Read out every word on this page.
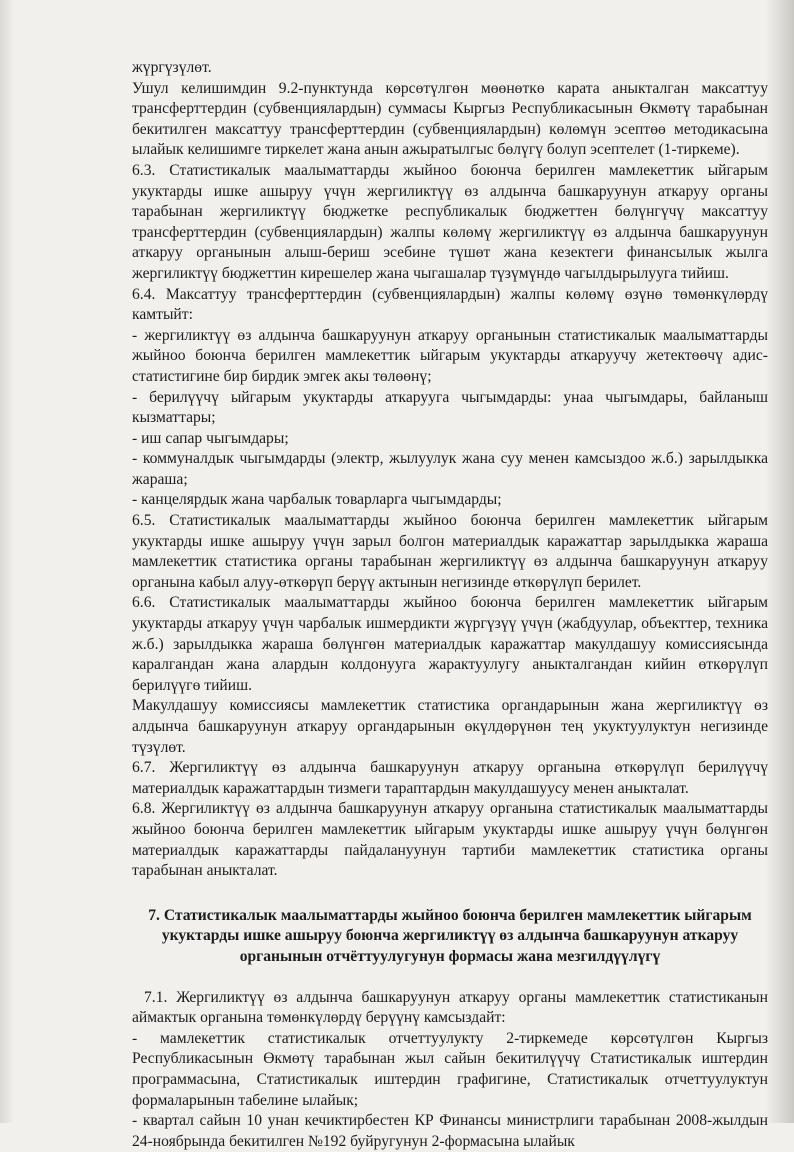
жүргүзүлөт.

Ушул келишимдин 9.2-пунктунда көрсөтүлгөн мөөнөткө карата аныкталган максаттуу трансферттердин (субвенциялардын) суммасы Кыргыз Республикасынын Өкмөтү тарабынан бекитилген максаттуу трансферттердин (субвенциялардын) көлөмүн эсептөө методикасына ылайык келишимге тиркелет жана анын ажыратылгыс бөлүгү болуп эсептелет (1-тиркеме).

6.3. Статистикалык маалыматтарды жыйноо боюнча берилген мамлекеттик ыйгарым укуктарды ишке ашыруу үчүн жергиликтүү өз алдынча башкаруунун аткаруу органы тарабынан жергиликтүү бюджетке республикалык бюджеттен бөлүнгүчү максаттуу трансферттердин (субвенциялардын) жалпы көлөмү жергиликтүү өз алдынча башкаруунун аткаруу органынын алыш-бериш эсебине түшөт жана кезектеги финансылык жылга жергиликтүү бюджеттин кирешелер жана чыгашалар түзүмүндө чагылдырылууга тийиш.

6.4. Максаттуу трансферттердин (субвенциялардын) жалпы көлөмү өзүнө төмөнкүлөрдү камтыйт:

- жергиликтүү өз алдынча башкаруунун аткаруу органынын статистикалык маалыматтарды жыйноо боюнча берилген мамлекеттик ыйгарым укуктарды аткаруучу жетектөөчү адис-статистигине бир бирдик эмгек акы төлөөнү;

- берилүүчү ыйгарым укуктарды аткарууга чыгымдарды: унаа чыгымдары, байланыш кызматтары;

- иш сапар чыгымдары;

- коммуналдык чыгымдарды (электр, жылуулук жана суу менен камсыздоо ж.б.) зарылдыкка жараша;

- канцелярдык жана чарбалык товарларга чыгымдарды;

6.5. Статистикалык маалыматтарды жыйноо боюнча берилген мамлекеттик ыйгарым укуктарды ишке ашыруу үчүн зарыл болгон материалдык каражаттар зарылдыкка жараша мамлекеттик статистика органы тарабынан жергиликтүү өз алдынча башкаруунун аткаруу органына кабыл алуу-өткөрүп берүү актынын негизинде өткөрүлүп берилет.

6.6. Статистикалык маалыматтарды жыйноо боюнча берилген мамлекеттик ыйгарым укуктарды аткаруу үчүн чарбалык ишмердикти жүргүзүү үчүн (жабдуулар, объекттер, техника ж.б.) зарылдыкка жараша бөлүнгөн материалдык каражаттар макулдашуу комиссиясында каралгандан жана алардын колдонууга жарактуулугу аныкталгандан кийин өткөрүлүп берилүүгө тийиш.

Макулдашуу комиссиясы мамлекеттик статистика органдарынын жана жергиликтүү өз алдынча башкаруунун аткаруу органдарынын өкүлдөрүнөн тең укуктуулуктун негизинде түзүлөт.

6.7. Жергиликтүү өз алдынча башкаруунун аткаруу органына өткөрүлүп берилүүчү материалдык каражаттардын тизмеги тараптардын макулдашуусу менен аныкталат.

6.8. Жергиликтүү өз алдынча башкаруунун аткаруу органына статистикалык маалыматтарды жыйноо боюнча берилген мамлекеттик ыйгарым укуктарды ишке ашыруу үчүн бөлүнгөн материалдык каражаттарды пайдалануунун тартиби мамлекеттик статистика органы тарабынан аныкталат.

7. Статистикалык маалыматтарды жыйноо боюнча берилген мамлекеттик ыйгарым укуктарды ишке ашыруу боюнча жергиликтүү өз алдынча башкаруунун аткаруу органынын отчёттуулугунун формасы жана мезгилдүүлүгү

7.1. Жергиликтүү өз алдынча башкаруунун аткаруу органы мамлекеттик статистиканын аймактык органына төмөнкүлөрдү берүүнү камсыздайт:

- мамлекеттик статистикалык отчеттуулукту 2-тиркемеде көрсөтүлгөн Кыргыз Республикасынын Өкмөтү тарабынан жыл сайын бекитилүүчү Статистикалык иштердин программасына, Статистикалык иштердин графигине, Статистикалык отчеттуулуктун формаларынын табелине ылайык;

- квартал сайын 10 унан кечиктирбестен КР Финансы министрлиги тарабынан 2008-жылдын 24-ноябрында бекитилген №192 буйругунун 2-формасына ылайык
